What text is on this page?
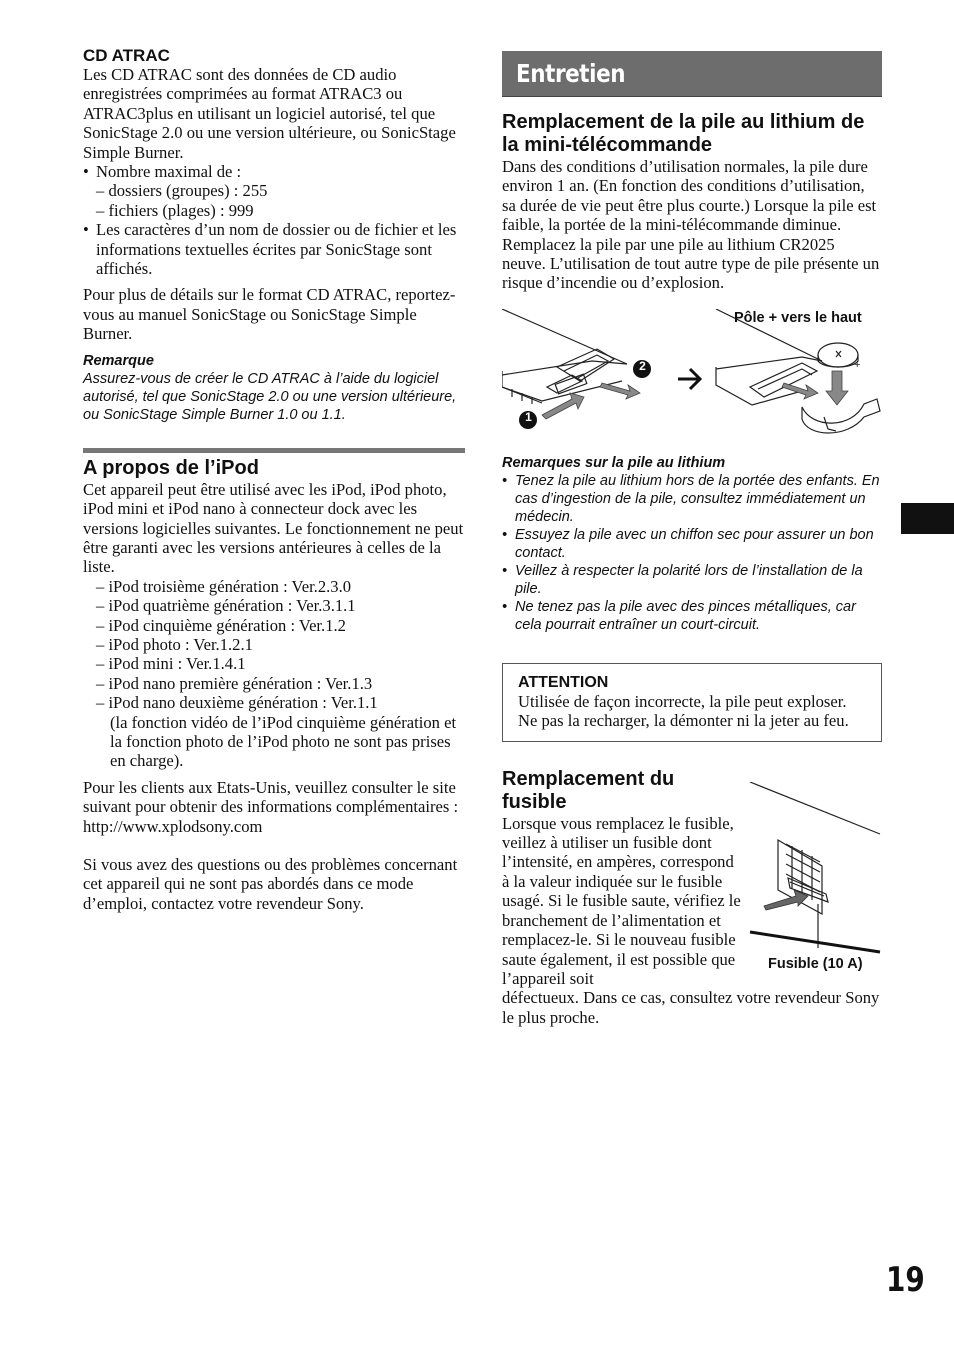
CD ATRAC

Les CD ATRAC sont des données de CD audio enregistrées comprimées au format ATRAC3 ou ATRAC3plus en utilisant un logiciel autorisé, tel que SonicStage 2.0 ou une version ultérieure, ou SonicStage Simple Burner.

• Nombre maximal de :
– dossiers (groupes) : 255
– fichiers (plages) : 999
• Les caractères d’un nom de dossier ou de fichier et les informations textuelles écrites par SonicStage sont affichés.

Pour plus de détails sur le format CD ATRAC, reportez-vous au manuel SonicStage ou SonicStage Simple Burner.

Remarque
Assurez-vous de créer le CD ATRAC à l’aide du logiciel autorisé, tel que SonicStage 2.0 ou une version ultérieure, ou SonicStage Simple Burner 1.0 ou 1.1.
A propos de l’iPod

Cet appareil peut être utilisé avec les iPod, iPod photo, iPod mini et iPod nano à connecteur dock avec les versions logicielles suivantes. Le fonctionnement ne peut être garanti avec les versions antérieures à celles de la liste.

– iPod troisième génération : Ver.2.3.0
– iPod quatrième génération : Ver.3.1.1
– iPod cinquième génération : Ver.1.2
– iPod photo : Ver.1.2.1
– iPod mini : Ver.1.4.1
– iPod nano première génération : Ver.1.3
– iPod nano deuxième génération : Ver.1.1
(la fonction vidéo de l’iPod cinquième génération et la fonction photo de l’iPod photo ne sont pas prises en charge).

Pour les clients aux Etats-Unis, veuillez consulter le site suivant pour obtenir des informations complémentaires : http://www.xplodsony.com

Si vous avez des questions ou des problèmes concernant cet appareil qui ne sont pas abordés dans ce mode d’emploi, contactez votre revendeur Sony.

Entretien
Remplacement de la pile au lithium de la mini-télécommande

Dans des conditions d’utilisation normales, la pile dure environ 1 an. (En fonction des conditions d’utilisation, sa durée de vie peut être plus courte.) Lorsque la pile est faible, la portée de la mini-télécommande diminue. Remplacez la pile par une pile au lithium CR2025 neuve. L’utilisation de tout autre type de pile présente un risque d’incendie ou d’explosion.

2
1
Pôle + vers le haut
+
Remarques sur la pile au lithium
• Tenez la pile au lithium hors de la portée des enfants. En cas d’ingestion de la pile, consultez immédiatement un médecin.
• Essuyez la pile avec un chiffon sec pour assurer un bon contact.
• Veillez à respecter la polarité lors de l’installation de la pile.
• Ne tenez pas la pile avec des pinces métalliques, car cela pourrait entraîner un court-circuit.
ATTENTION
Utilisée de façon incorrecte, la pile peut exploser. Ne pas la recharger, la démonter ni la jeter au feu.
Fusible (10 A)
Remplacement du fusible

Lorsque vous remplacez le fusible, veillez à utiliser un fusible dont l’intensité, en ampères, correspond à la valeur indiquée sur le fusible usagé. Si le fusible saute, vérifiez le branchement de l’alimentation et remplacez-le. Si le nouveau fusible saute également, il est possible que l’appareil soit

défectueux. Dans ce cas, consultez votre revendeur Sony le plus proche.

19
